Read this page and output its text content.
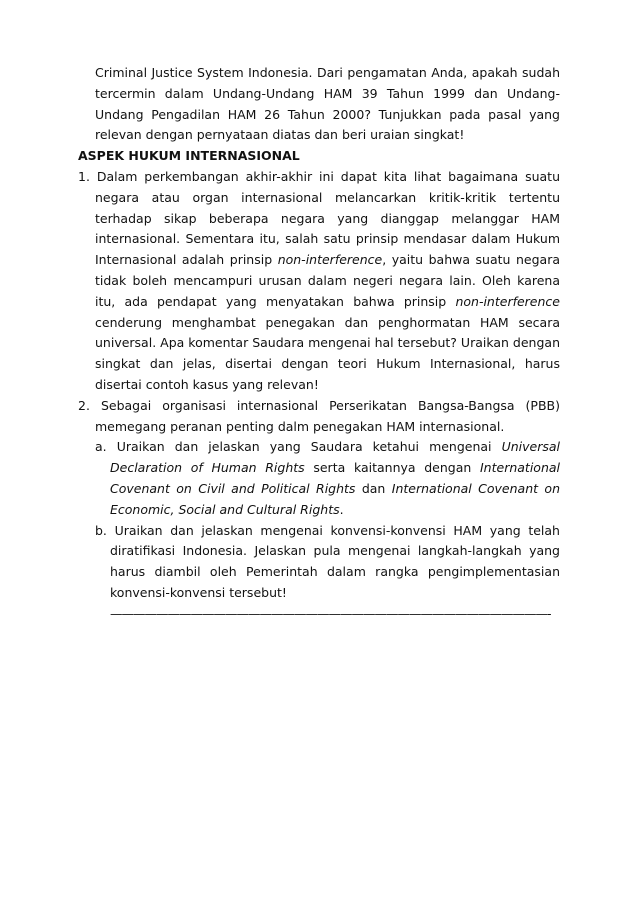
Criminal Justice System Indonesia. Dari pengamatan Anda, apakah sudah tercermin dalam Undang-Undang HAM 39 Tahun 1999 dan Undang-Undang Pengadilan HAM 26 Tahun 2000? Tunjukkan pada pasal yang relevan dengan pernyataan diatas dan beri uraian singkat!

ASPEK HUKUM INTERNASIONAL

1. Dalam perkembangan akhir-akhir ini dapat kita lihat bagaimana suatu negara atau organ internasional melancarkan kritik-kritik tertentu terhadap sikap beberapa negara yang dianggap melanggar HAM internasional. Sementara itu, salah satu prinsip mendasar dalam Hukum Internasional adalah prinsip non-interference, yaitu bahwa suatu negara tidak boleh mencampuri urusan dalam negeri negara lain. Oleh karena itu, ada pendapat yang menyatakan bahwa prinsip non-interference cenderung menghambat penegakan dan penghormatan HAM secara universal. Apa komentar Saudara mengenai hal tersebut? Uraikan dengan singkat dan jelas, disertai dengan teori Hukum Internasional, harus disertai contoh kasus yang relevan!

2. Sebagai organisasi internasional Perserikatan Bangsa-Bangsa (PBB) memegang peranan penting dalm penegakan HAM internasional.

a. Uraikan dan jelaskan yang Saudara ketahui mengenai Universal Declaration of Human Rights serta kaitannya dengan International Covenant on Civil and Political Rights dan International Covenant on Economic, Social and Cultural Rights.

b. Uraikan dan jelaskan mengenai konvensi-konvensi HAM yang telah diratifikasi Indonesia. Jelaskan pula mengenai langkah-langkah yang harus diambil oleh Pemerintah dalam rangka pengimplementasian konvensi-konvensi tersebut!

——————————————————————————————————————-
